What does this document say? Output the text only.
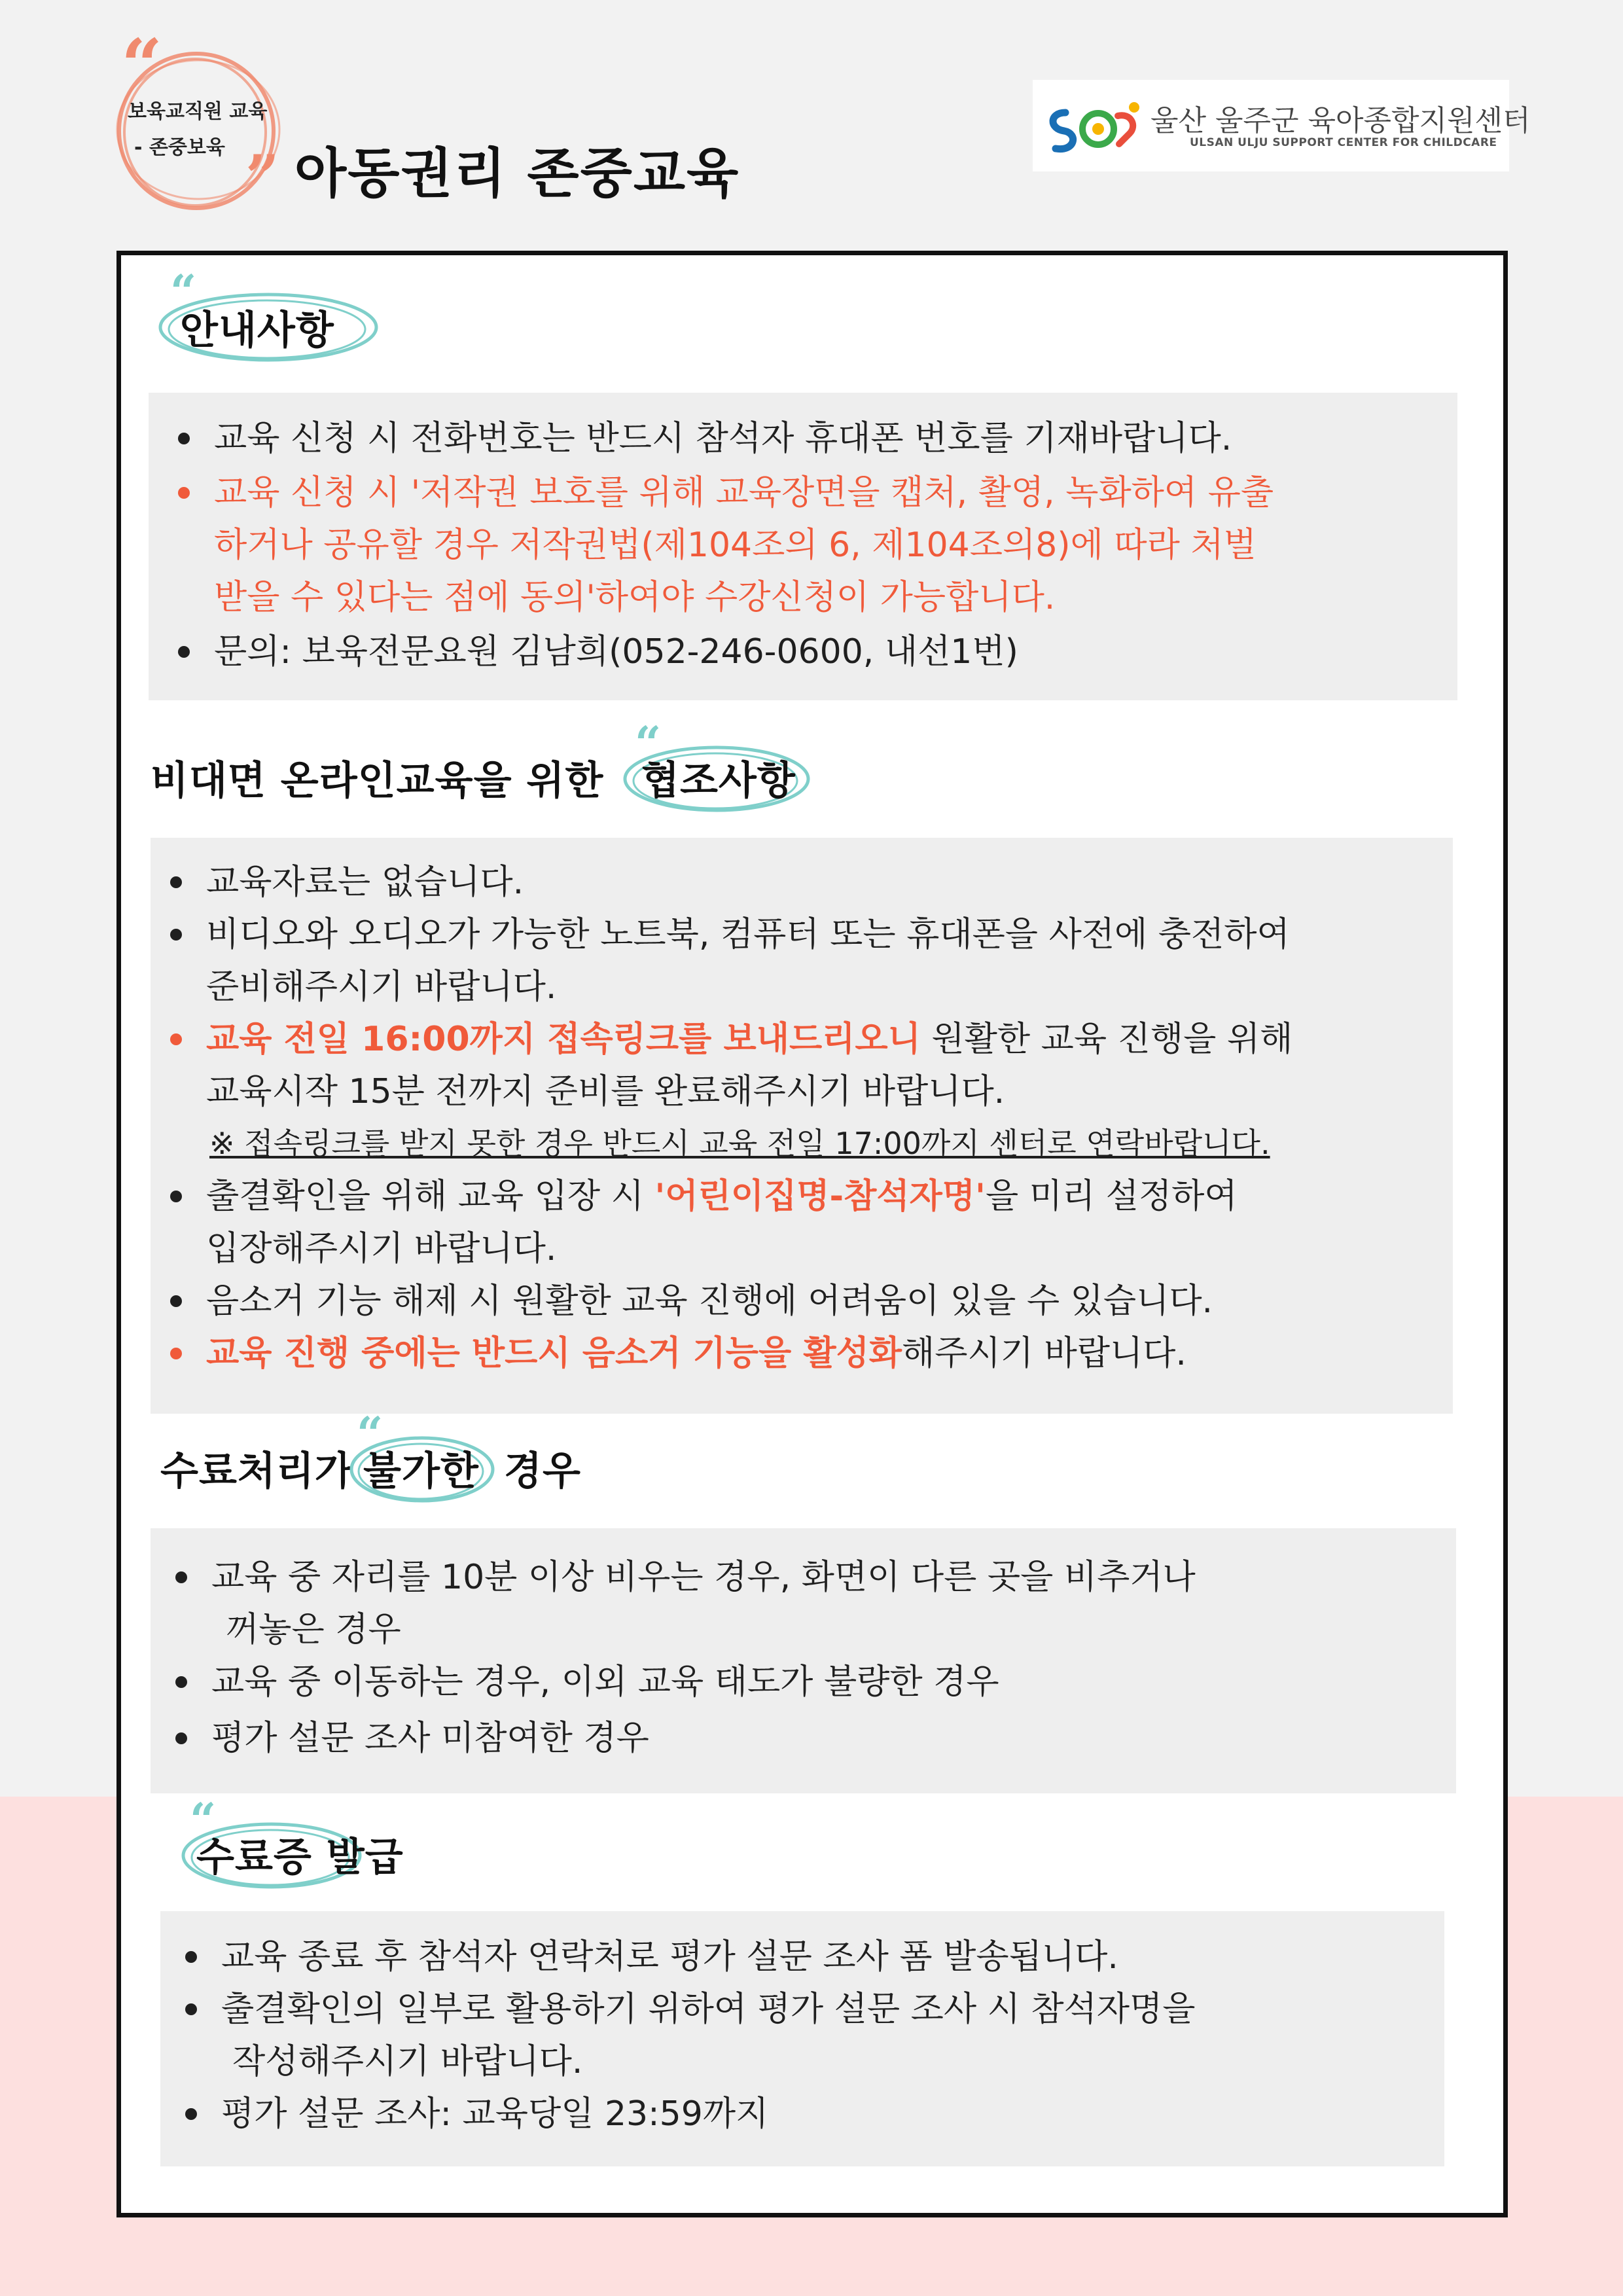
“
보육교직원 교육
- 존중보육 ” 아동권리 존중교육
울산 울주군 육아종합지원센터
ULSAN ULJU SUPPORT CENTER FOR CHILDCARE
“
안내사항
교육 신청 시 전화번호는 반드시 참석자 휴대폰 번호를 기재바랍니다.
교육 신청 시 '저작권 보호를 위해 교육장면을 캡처, 촬영, 녹화하여 유출
하거나 공유할 경우 저작권법(제104조의 6, 제104조의8)에 따라 처벌
받을 수 있다는 점에 동의'하여야 수강신청이 가능합니다.
문의: 보육전문요원 김남희(052-246-0600, 내선1번)
비대면 온라인교육을 위한
“
협조사항
교육자료는 없습니다.
비디오와 오디오가 가능한 노트북, 컴퓨터 또는 휴대폰을 사전에 충전하여
준비해주시기 바랍니다.
교육 전일 16:00까지 접속링크를 보내드리오니 원활한 교육 진행을 위해
교육시작 15분 전까지 준비를 완료해주시기 바랍니다.
※ 접속링크를 받지 못한 경우 반드시 교육 전일 17:00까지 센터로 연락바랍니다.
출결확인을 위해 교육 입장 시 '어린이집명-참석자명'을 미리 설정하여
입장해주시기 바랍니다.
음소거 기능 해제 시 원활한 교육 진행에 어려움이 있을 수 있습니다.
교육 진행 중에는 반드시 음소거 기능을 활성화해주시기 바랍니다.
수료처리가
“
불가한 경우
교육 중 자리를 10분 이상 비우는 경우, 화면이 다른 곳을 비추거나
꺼놓은 경우
교육 중 이동하는 경우, 이외 교육 태도가 불량한 경우
평가 설문 조사 미참여한 경우
“
수료증 발급
교육 종료 후 참석자 연락처로 평가 설문 조사 폼 발송됩니다.
출결확인의 일부로 활용하기 위하여 평가 설문 조사 시 참석자명을
작성해주시기 바랍니다.
평가 설문 조사: 교육당일 23:59까지
